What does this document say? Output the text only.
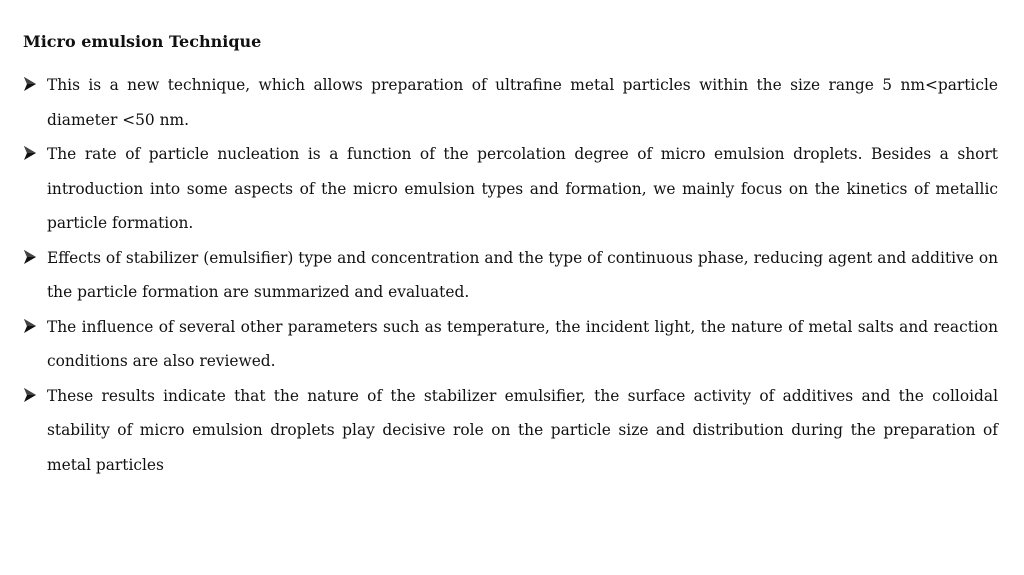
Micro emulsion Technique
This is a new technique, which allows preparation of ultrafine metal particles within the size range 5 nm<particle diameter <50 nm.
The rate of particle nucleation is a function of the percolation degree of micro emulsion droplets. Besides a short introduction into some aspects of the micro emulsion types and formation, we mainly focus on the kinetics of metallic particle formation.
Effects of stabilizer (emulsifier) type and concentration and the type of continuous phase, reducing agent and additive on the particle formation are summarized and evaluated.
The influence of several other parameters such as temperature, the incident light, the nature of metal salts and reaction conditions are also reviewed.
These results indicate that the nature of the stabilizer emulsifier, the surface activity of additives and the colloidal stability of micro emulsion droplets play decisive role on the particle size and distribution during the preparation of metal particles
